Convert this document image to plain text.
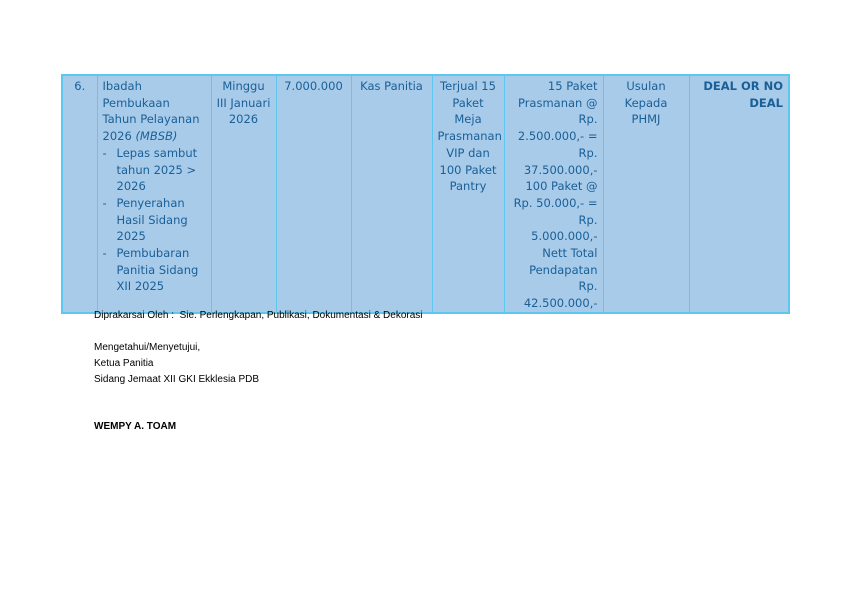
6.	Ibadah Pembukaan Tahun Pelayanan 2026 (MBSB)
- Lepas sambut tahun 2025 > 2026
- Penyerahan Hasil Sidang 2025
- Pembubaran Panitia Sidang XII 2025
	Minggu III Januari 2026	7.000.000	Kas Panitia	Terjual 15 Paket Meja Prasmanan VIP dan 100 Paket Pantry	15 Paket Prasmanan @ Rp. 2.500.000,- = Rp. 37.500.000,- 100 Paket @ Rp. 50.000,- = Rp. 5.000.000,- Nett Total Pendapatan Rp. 42.500.000,-	Usulan Kepada PHMJ	DEAL OR NO DEAL
Diprakarsai Oleh : Sie. Perlengkapan, Publikasi, Dokumentasi & Dekorasi
Mengetahui/Menyetujui,
Ketua Panitia
Sidang Jemaat XII GKI Ekklesia PDB
WEMPY A. TOAM
